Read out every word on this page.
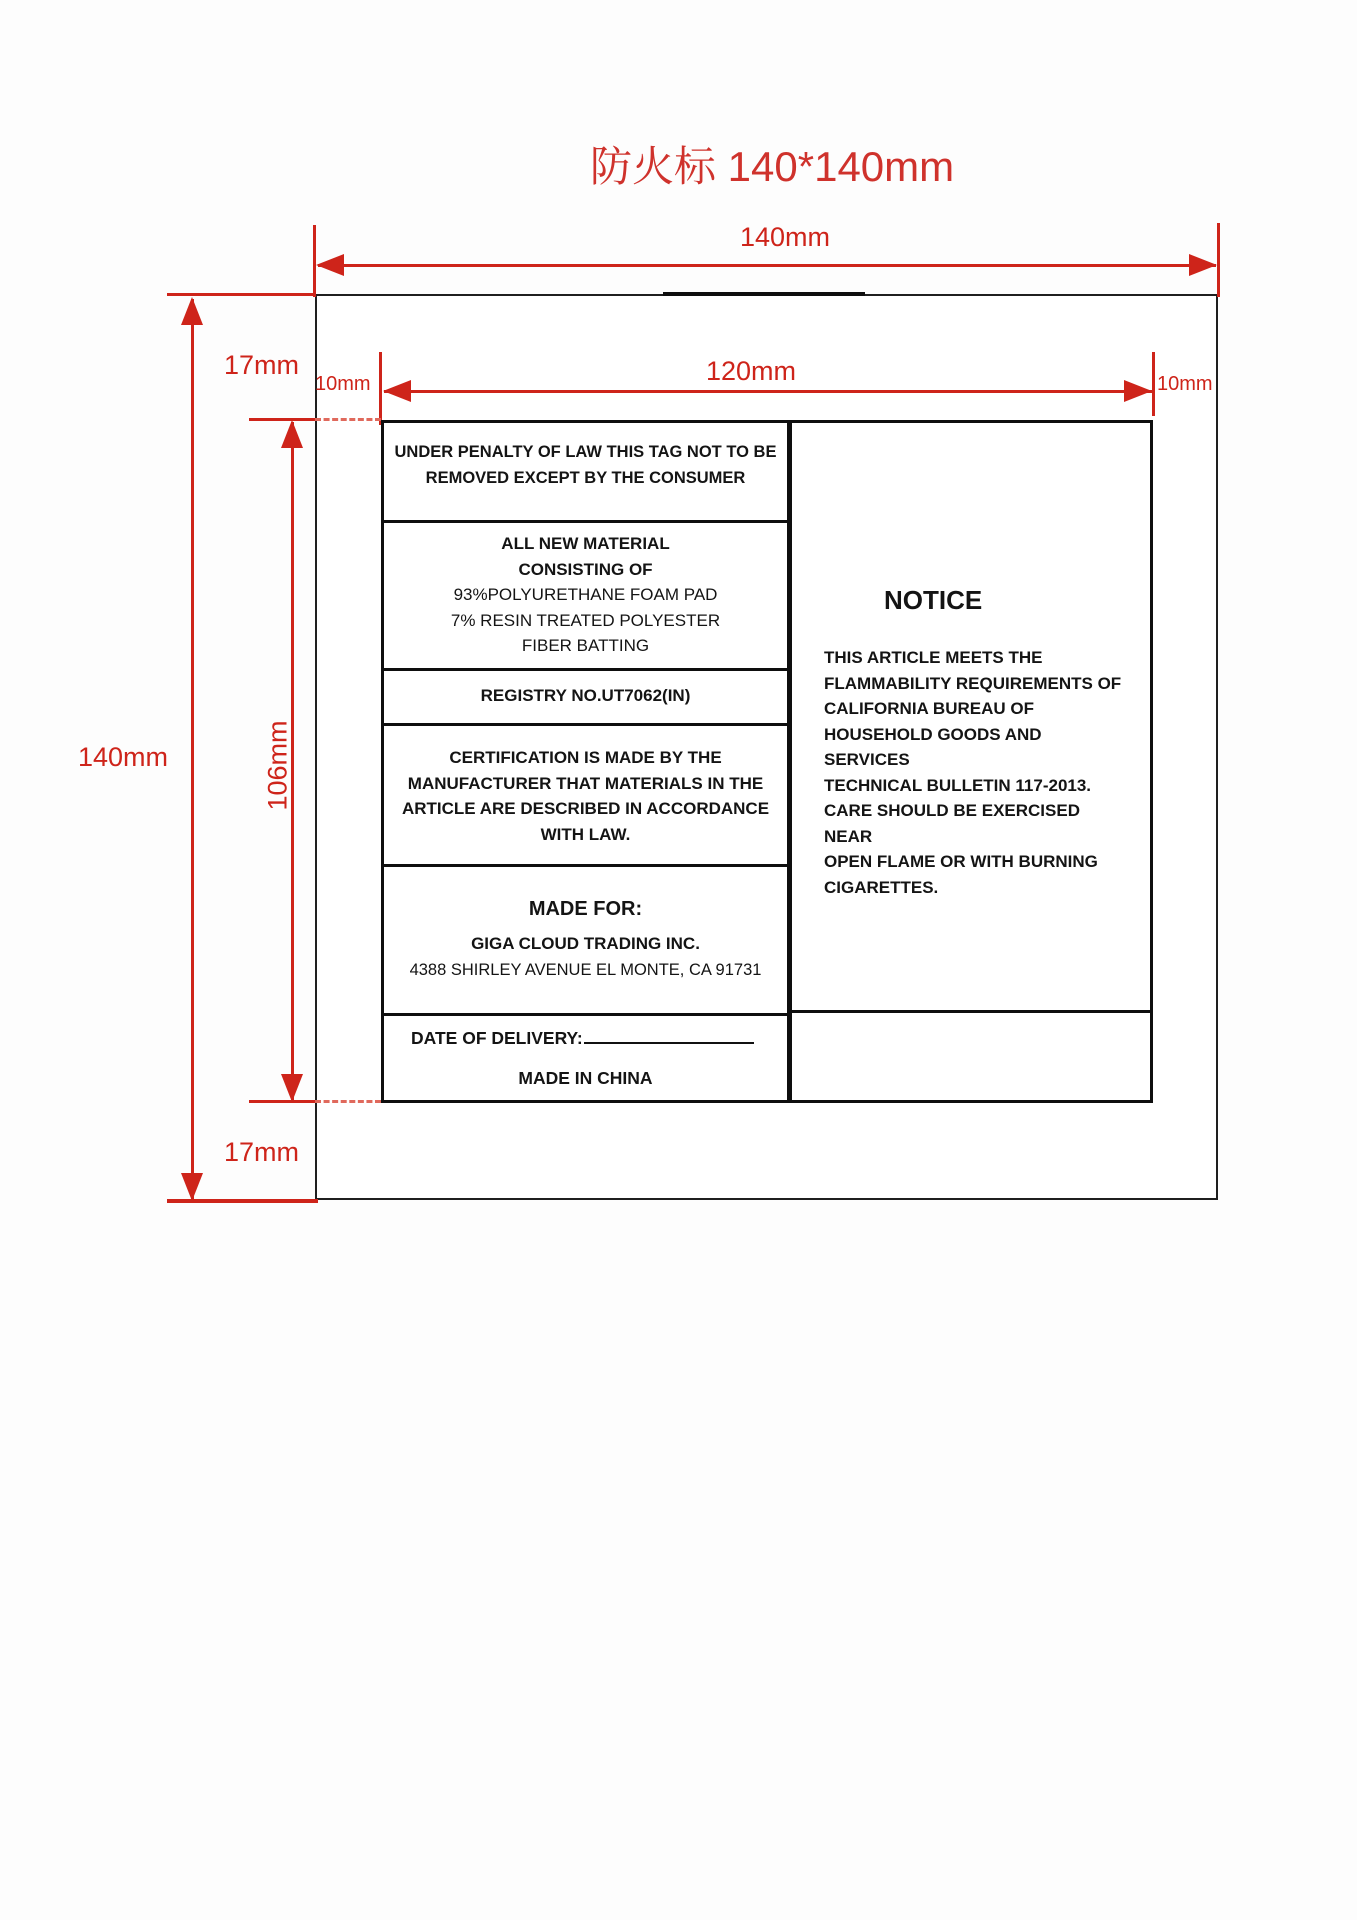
防火标 140*140mm
140mm
140mm
17mm
17mm
120mm
10mm	10mm
106mm
UNDER PENALTY OF LAW THIS TAG NOT TO BE
REMOVED EXCEPT BY THE CONSUMER
ALL NEW MATERIAL
CONSISTING OF
93%POLYURETHANE FOAM PAD
7% RESIN TREATED POLYESTER
FIBER BATTING
REGISTRY NO.UT7062(IN)
CERTIFICATION IS MADE BY THE
MANUFACTURER THAT MATERIALS IN THE
ARTICLE ARE DESCRIBED IN ACCORDANCE
WITH LAW.
MADE FOR:
GIGA CLOUD TRADING INC.
4388 SHIRLEY AVENUE EL MONTE, CA 91731
DATE OF DELIVERY:
MADE IN CHINA
NOTICE
THIS ARTICLE MEETS THE
FLAMMABILITY REQUIREMENTS OF
CALIFORNIA BUREAU OF
HOUSEHOLD GOODS AND SERVICES
TECHNICAL BULLETIN 117-2013.
CARE SHOULD BE EXERCISED NEAR
OPEN FLAME OR WITH BURNING
CIGARETTES.
